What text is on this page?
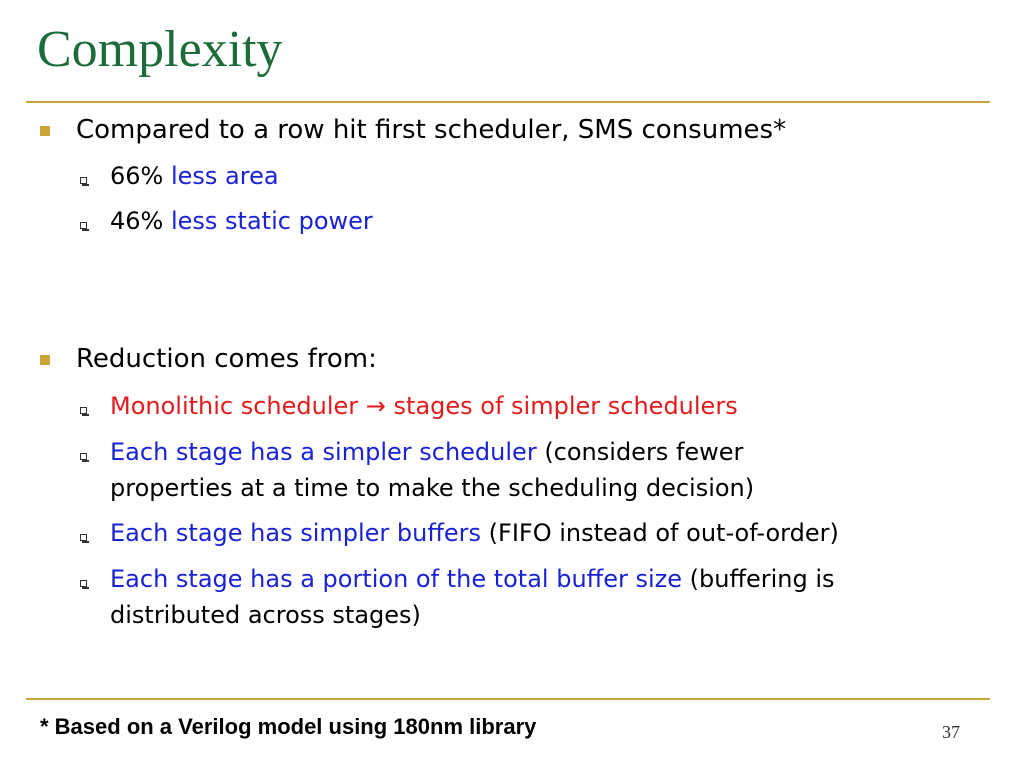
Complexity
Compared to a row hit first scheduler, SMS consumes*
66% less area
46% less static power
Reduction comes from:
Monolithic scheduler → stages of simpler schedulers
Each stage has a simpler scheduler (considers fewer
properties at a time to make the scheduling decision)
Each stage has simpler buffers (FIFO instead of out-of-order)
Each stage has a portion of the total buffer size (buffering is
distributed across stages)
* Based on a Verilog model using 180nm library	37
